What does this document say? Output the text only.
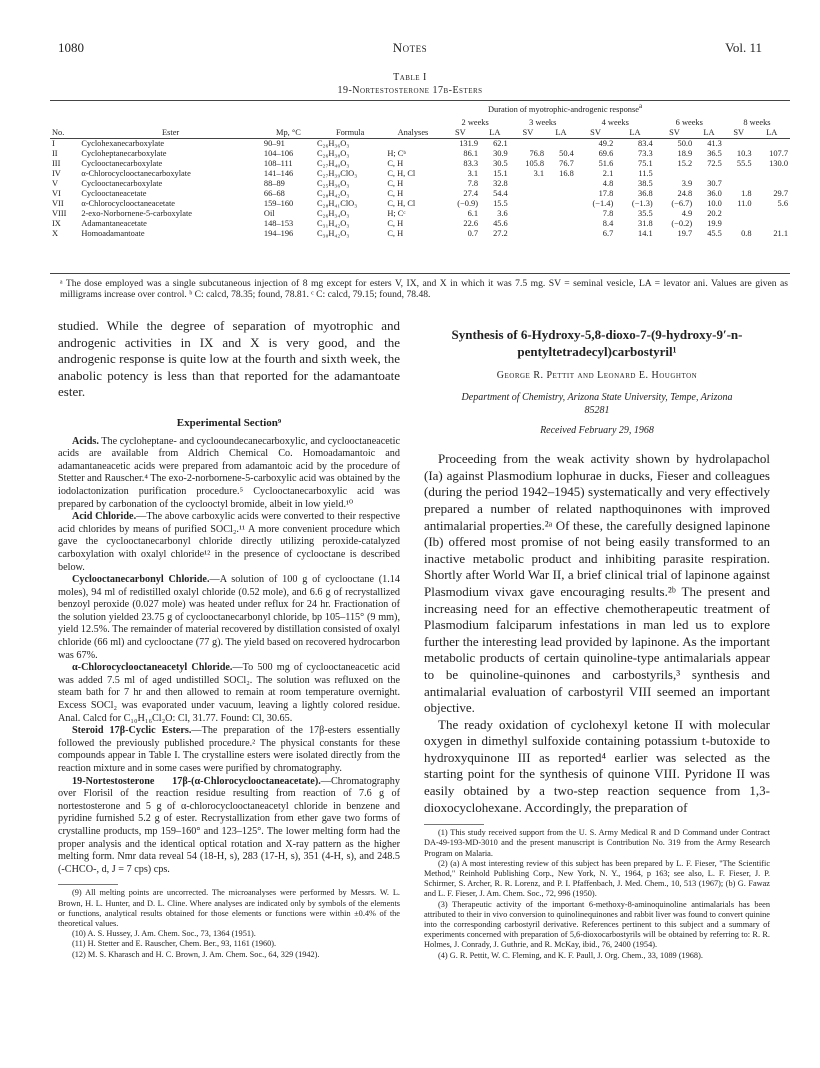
1080	Notes	Vol. 11
Table I
19-Nortestosterone 17β-Esters
Duration of myotrophic-androgenic response$^a$
					2 weeks		3 weeks		4 weeks		6 weeks		8 weeks	
No.	Ester	Mp, °C	Formula	Analyses	SV	LA	SV	LA	SV	LA	SV	LA	SV	LA
I	Cyclohexanecarboxylate	90–91	C₂₆H₃₆O₃		131.9	62.1			49.2	83.4	50.0	41.3		
II	Cycloheptanecarboxylate	104–106	C₂₆H₃₈O₃	H; Cᵇ	86.1	30.9	76.8	50.4	69.6	73.3	18.9	36.5	10.3	107.7
III	Cyclooctanecarboxylate	108–111	C₂₇H₄₀O₃	C, H	83.3	30.5	105.8	76.7	51.6	75.1	15.2	72.5	55.5	130.0
IV	α-Chlorocyclooctanecarboxylate	141–146	C₂₇H₃₉ClO₃	C, H, Cl	3.1	15.1	3.1	16.8	2.1	11.5				
V	Cyclooctanecarboxylate	88–89	C₂₅H₃₆O₃	C, H	7.8	32.8			4.8	38.5	3.9	30.7		
VI	Cyclooctaneacetate	66–68	C₂₈H₄₂O₃	C, H	27.4	54.4			17.8	36.8	24.8	36.0	1.8	29.7
VII	α-Chlorocyclooctaneacetate	159–160	C₂₈H₄₁ClO₃	C, H, Cl	(−0.9)	15.5			(−1.4)	(−1.3)	(−6.7)	10.0	11.0	5.6
VIII	2-exo-Norbornene-5-carboxylate	Oil	C₂₆H₃₄O₃	H; Cᶜ	6.1	3.6			7.8	35.5	4.9	20.2		
IX	Adamantaneacetate	148–153	C₃₁H₄₂O₃	C, H	22.6	45.6			8.4	31.8	(−0.2)	19.9		
X	Homoadamantoate	194–196	C₃₀H₄₂O₃	C, H	0.7	27.2			6.7	14.1	19.7	45.5	0.8	21.1
ᵃ The dose employed was a single subcutaneous injection of 8 mg except for esters V, IX, and X in which it was 7.5 mg. SV = seminal vesicle, LA = levator ani. Values are given as milligrams increase over control. ᵇ C: calcd, 78.35; found, 78.81. ᶜ C: calcd, 79.15; found, 78.48.

studied. While the degree of separation of myotrophic and androgenic activities in IX and X is very good, and the androgenic response is quite low at the fourth and sixth week, the anabolic potency is less than that reported for the adamantoate ester.

Experimental Section⁹

Acids. The cycloheptane- and cyclooundecanecarboxylic, and cyclooctaneacetic acids are available from Aldrich Chemical Co. Homoadamantoic and adamantaneacetic acids were prepared from adamantoic acid by the procedure of Stetter and Rauscher.⁴ The exo-2-norbornene-5-carboxylic acid was obtained by the iodolactonization purification procedure.⁵ Cyclooctanecarboxylic acid was prepared by carbonation of the cyclooctyl bromide, albeit in low yield.¹⁰

Acid Chloride.—The above carboxylic acids were converted to their respective acid chlorides by means of purified SOCl₂.¹¹ A more convenient procedure which gave the cyclooctanecarbonyl chloride directly utilizing peroxide-catalyzed carboxylation with oxalyl chloride¹² in the presence of cyclooctane is described below.

Cyclooctanecarbonyl Chloride.—A solution of 100 g of cyclooctane (1.14 moles), 94 ml of redistilled oxalyl chloride (0.52 mole), and 6.6 g of recrystallized benzoyl peroxide (0.027 mole) was heated under reflux for 24 hr. Fractionation of the solution yielded 23.75 g of cyclooctanecarbonyl chloride, bp 105–115° (9 mm), yield 12.5%. The remainder of material recovered by distillation consisted of oxalyl chloride (66 ml) and cyclooctane (77 g). The yield based on recovered hydrocarbon was 67%.

α-Chlorocyclooctaneacetyl Chloride.—To 500 mg of cyclooctaneacetic acid was added 7.5 ml of aged undistilled SOCl₂. The solution was refluxed on the steam bath for 7 hr and then allowed to remain at room temperature overnight. Excess SOCl₂ was evaporated under vacuum, leaving a lightly colored residue. Anal. Calcd for C₁₀H₁₆Cl₂O: Cl, 31.77. Found: Cl, 30.65.

Steroid 17β-Cyclic Esters.—The preparation of the 17β-esters essentially followed the previously published procedure.² The physical constants for these compounds appear in Table I. The crystalline esters were isolated directly from the reaction mixture and in some cases were purified by chromatography.

19-Nortestosterone 17β-(α-Chlorocyclooctaneacetate).—Chromatography over Florisil of the reaction residue resulting from reaction of 7.6 g of nortestosterone and 5 g of α-chlorocyclooctaneacetyl chloride in benzene and pyridine furnished 5.2 g of ester. Recrystallization from ether gave two forms of crystalline products, mp 159–160° and 123–125°. The lower melting form had the proper analysis and the identical optical rotation and X-ray pattern as the higher melting form. Nmr data reveal 54 (18-H, s), 283 (17-H, s), 351 (4-H, s), and 248.5 (-CHCO-, d, J = 7 cps) cps.

(9) All melting points are uncorrected. The microanalyses were performed by Messrs. W. L. Brown, H. L. Hunter, and D. L. Cline. Where analyses are indicated only by symbols of the elements or functions, analytical results obtained for those elements or functions were within ±0.4% of the theoretical values.

(10) A. S. Hussey, J. Am. Chem. Soc., 73, 1364 (1951).

(11) H. Stetter and E. Rauscher, Chem. Ber., 93, 1161 (1960).

(12) M. S. Kharasch and H. C. Brown, J. Am. Chem. Soc., 64, 329 (1942).

Synthesis of 6-Hydroxy-5,8-dioxo-7-(9-hydroxy-9′-n-pentyltetradecyl)carbostyril¹

George R. Pettit and Leonard E. Houghton

Department of Chemistry, Arizona State University, Tempe, Arizona 85281

Received February 29, 1968

Proceeding from the weak activity shown by hydrolapachol (Ia) against Plasmodium lophurae in ducks, Fieser and colleagues (during the period 1942–1945) systematically and very effectively prepared a number of related napthoquinones with improved antimalarial properties.²ᵃ Of these, the carefully designed lapinone (Ib) offered most promise of not being easily transformed to an inactive metabolic product and inhibiting parasite respiration. Shortly after World War II, a brief clinical trial of lapinone against Plasmodium vivax gave encouraging results.²ᵇ The present and increasing need for an effective chemotherapeutic treatment of Plasmodium falciparum infestations in man led us to explore further the interesting lead provided by lapinone. As the important metabolic products of certain quinoline-type antimalarials appear to be quinoline-quinones and carbostyrils,³ synthesis and antimalarial evaluation of carbostyril VIII seemed an important objective.

The ready oxidation of cyclohexyl ketone II with molecular oxygen in dimethyl sulfoxide containing potassium t-butoxide to hydroxyquinone III as reported⁴ earlier was selected as the starting point for the synthesis of quinone VIII. Pyridone II was easily obtained by a two-step reaction sequence from 1,3-dioxocyclohexane. Accordingly, the preparation of

(1) This study received support from the U. S. Army Medical R and D Command under Contract DA-49-193-MD-3010 and the present manuscript is Contribution No. 319 from the Army Research Program on Malaria.

(2) (a) A most interesting review of this subject has been prepared by L. F. Fieser, "The Scientific Method," Reinhold Publishing Corp., New York, N. Y., 1964, p 163; see also, L. F. Fieser, J. P. Schirmer, S. Archer, R. R. Lorenz, and P. I. Pfaffenbach, J. Med. Chem., 10, 513 (1967); (b) G. Fawaz and L. F. Fieser, J. Am. Chem. Soc., 72, 996 (1950).

(3) Therapeutic activity of the important 6-methoxy-8-aminoquinoline antimalarials has been attributed to their in vivo conversion to quinolinequinones and rabbit liver was found to convert quinine into the corresponding carbostyril derivative. References pertinent to this subject and a summary of experiments concerned with preparation of 5,6-dioxocarbostyrils will be obtained by referring to: R. R. Holmes, J. Conrady, J. Guthrie, and R. McKay, ibid., 76, 2400 (1954).

(4) G. R. Pettit, W. C. Fleming, and K. F. Paull, J. Org. Chem., 33, 1089 (1968).
